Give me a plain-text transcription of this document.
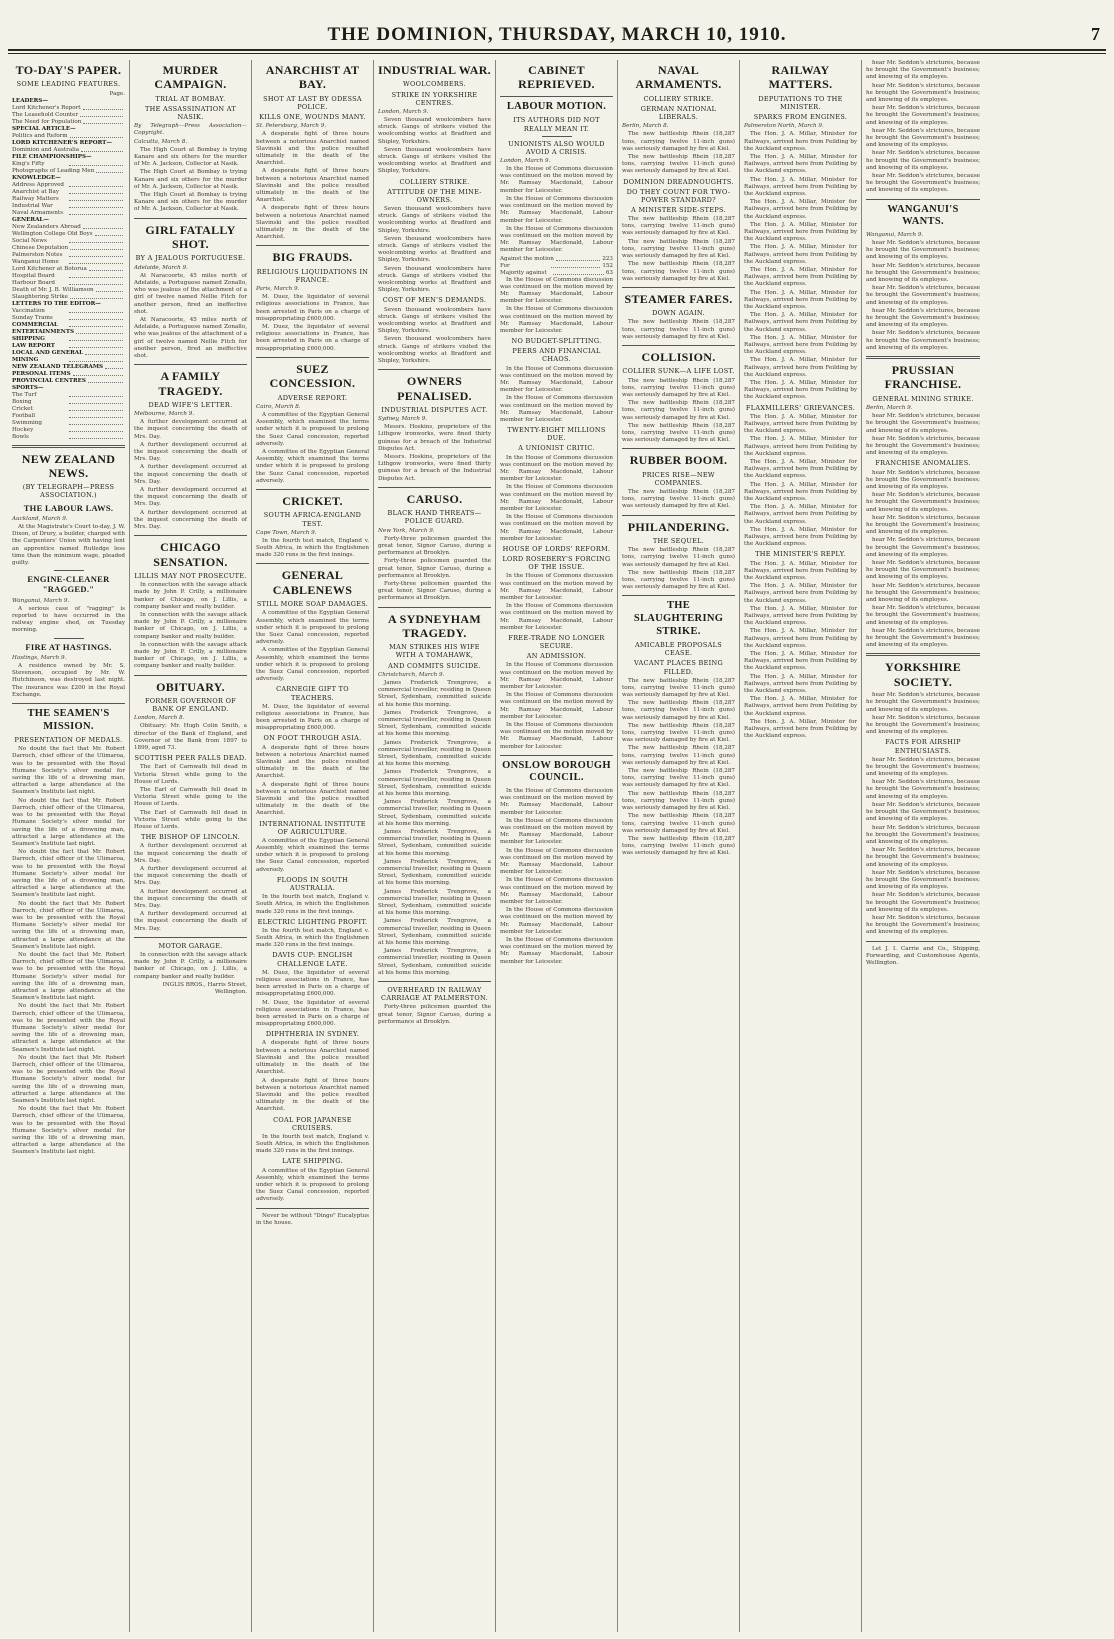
THE DOMINION, THURSDAY, MARCH 10, 1910.	7
TO-DAY'S PAPER.
SOME LEADING FEATURES.
Page.
LEADERS—
Lord Kitchener's Report
The Leasehold Counter
The Need for Population
SPECIAL ARTICLE—
Politics and Reform
LORD KITCHENER'S REPORT—
Dominion and Australia
FILE CHAMPIONSHIPS—
King's Fifty
Photographs of Leading Men
KNOWLEDGE—
Address Approved
Anarchist at Bay
Railway Matters
Industrial War
Naval Armaments
GENERAL—
New Zealanders Abroad
Wellington College Old Boys
Social News
Chinese Deputation
Palmerston Notes
Wanganui Home
Lord Kitchener at Botorua
Hospital Board
Harbour Board
Death of Mr. J. B. Williamson
Slaughtering Strike
LETTERS TO THE EDITOR—
Vaccination
Sunday Trams
COMMERCIAL
ENTERTAINMENTS
SHIPPING
LAW REPORT
LOCAL AND GENERAL
MINING
NEW ZEALAND TELEGRAMS
PERSONAL ITEMS
PROVINCIAL CENTRES
SPORTS—
The Turf
Boxing
Cricket
Football
Swimming
Hockey
Bowls
NEW ZEALAND NEWS.
(BY TELEGRAPH—PRESS ASSOCIATION.)
THE LABOUR LAWS.

Auckland, March 9.

At the Magistrate's Court to-day, J. W. Dixon, of Drury, a builder, charged with the Carpenters' Union with having lent an apprentice named Rutledge less time than the minimum wage, pleaded guilty.

ENGINE-CLEANER "RAGGED."

Wanganui, March 9.

A serious case of "ragging" is reported to have occurred in the railway engine shed, on Tuesday morning.

FIRE AT HASTINGS.

Hastings, March 9.

A residence owned by Mr. S. Stevenson, occupied by Mr. W. Hutchinson, was destroyed last night. The insurance was £200 in the Royal Exchange.

THE SEAMEN'S MISSION.
PRESENTATION OF MEDALS.

No doubt the fact that Mr. Robert Darroch, chief officer of the Ulimaroa, was to be presented with the Royal Humane Society's silver medal for saving the life of a drowning man, attracted a large attendance at the Seamen's Institute last night.

No doubt the fact that Mr. Robert Darroch, chief officer of the Ulimaroa, was to be presented with the Royal Humane Society's silver medal for saving the life of a drowning man, attracted a large attendance at the Seamen's Institute last night.

No doubt the fact that Mr. Robert Darroch, chief officer of the Ulimaroa, was to be presented with the Royal Humane Society's silver medal for saving the life of a drowning man, attracted a large attendance at the Seamen's Institute last night.

No doubt the fact that Mr. Robert Darroch, chief officer of the Ulimaroa, was to be presented with the Royal Humane Society's silver medal for saving the life of a drowning man, attracted a large attendance at the Seamen's Institute last night.

No doubt the fact that Mr. Robert Darroch, chief officer of the Ulimaroa, was to be presented with the Royal Humane Society's silver medal for saving the life of a drowning man, attracted a large attendance at the Seamen's Institute last night.

No doubt the fact that Mr. Robert Darroch, chief officer of the Ulimaroa, was to be presented with the Royal Humane Society's silver medal for saving the life of a drowning man, attracted a large attendance at the Seamen's Institute last night.

No doubt the fact that Mr. Robert Darroch, chief officer of the Ulimaroa, was to be presented with the Royal Humane Society's silver medal for saving the life of a drowning man, attracted a large attendance at the Seamen's Institute last night.

No doubt the fact that Mr. Robert Darroch, chief officer of the Ulimaroa, was to be presented with the Royal Humane Society's silver medal for saving the life of a drowning man, attracted a large attendance at the Seamen's Institute last night.

MURDER CAMPAIGN.
TRIAL AT BOMBAY.
THE ASSASSINATION AT NASIK.

By Telegraph—Press Association—Copyright.

Calcutta, March 8.

The High Court at Bombay is trying Kanare and six others for the murder of Mr. A. Jackson, Collector at Nasik.

The High Court at Bombay is trying Kanare and six others for the murder of Mr. A. Jackson, Collector at Nasik.

The High Court at Bombay is trying Kanare and six others for the murder of Mr. A. Jackson, Collector at Nasik.

GIRL FATALLY SHOT.
BY A JEALOUS PORTUGUESE.

Adelaide, March 9.

At Naracoorte, 45 miles north of Adelaide, a Portuguese named Zonallo, who was jealous of the attachment of a girl of twelve named Nellie Fitch for another person, fired an ineffective shot.

At Naracoorte, 45 miles north of Adelaide, a Portuguese named Zonallo, who was jealous of the attachment of a girl of twelve named Nellie Fitch for another person, fired an ineffective shot.

A FAMILY TRAGEDY.
DEAD WIFE'S LETTER.

Melbourne, March 9.

A further development occurred at the inquest concerning the death of Mrs. Day.

A further development occurred at the inquest concerning the death of Mrs. Day.

A further development occurred at the inquest concerning the death of Mrs. Day.

A further development occurred at the inquest concerning the death of Mrs. Day.

A further development occurred at the inquest concerning the death of Mrs. Day.

CHICAGO SENSATION.
LILLIS MAY NOT PROSECUTE.

In connection with the savage attack made by John P. Crilly, a millionaire banker of Chicago, on J. Lillis, a company banker and realty builder.

In connection with the savage attack made by John P. Crilly, a millionaire banker of Chicago, on J. Lillis, a company banker and realty builder.

In connection with the savage attack made by John P. Crilly, a millionaire banker of Chicago, on J. Lillis, a company banker and realty builder.

OBITUARY.
FORMER GOVERNOR OF BANK OF ENGLAND.

London, March 8.

Obituary: Mr. Hugh Colin Smith, a director of the Bank of England, and Governor of the Bank from 1897 to 1899, aged 73.

SCOTTISH PEER FALLS DEAD.

The Earl of Carnwath fell dead in Victoria Street while going to the House of Lords.

The Earl of Carnwath fell dead in Victoria Street while going to the House of Lords.

The Earl of Carnwath fell dead in Victoria Street while going to the House of Lords.

THE BISHOP OF LINCOLN.

A further development occurred at the inquest concerning the death of Mrs. Day.

A further development occurred at the inquest concerning the death of Mrs. Day.

A further development occurred at the inquest concerning the death of Mrs. Day.

A further development occurred at the inquest concerning the death of Mrs. Day.

MOTOR GARAGE.

In connection with the savage attack made by John P. Crilly, a millionaire banker of Chicago, on J. Lillis, a company banker and realty builder.

INGLIS BROS., Harris Street, Wellington.

ANARCHIST AT BAY.
SHOT AT LAST BY ODESSA POLICE.
KILLS ONE, WOUNDS MANY.

St. Petersburg, March 9.

A desperate fight of three hours between a notorious Anarchist named Slavinski and the police resulted ultimately in the death of the Anarchist.

A desperate fight of three hours between a notorious Anarchist named Slavinski and the police resulted ultimately in the death of the Anarchist.

A desperate fight of three hours between a notorious Anarchist named Slavinski and the police resulted ultimately in the death of the Anarchist.

BIG FRAUDS.
RELIGIOUS LIQUIDATIONS IN FRANCE.

Paris, March 9.

M. Duez, the liquidator of several religious associations in France, has been arrested in Paris on a charge of misappropriating £600,000.

M. Duez, the liquidator of several religious associations in France, has been arrested in Paris on a charge of misappropriating £600,000.

SUEZ CONCESSION.
ADVERSE REPORT.

Cairo, March 8.

A committee of the Egyptian General Assembly, which examined the terms under which it is proposed to prolong the Suez Canal concession, reported adversely.

A committee of the Egyptian General Assembly, which examined the terms under which it is proposed to prolong the Suez Canal concession, reported adversely.

CRICKET.
SOUTH AFRICA-ENGLAND TEST.

Cape Town, March 9.

In the fourth test match, England v. South Africa, in which the Englishmen made 320 runs in the first innings.

GENERAL CABLENEWS
STILL MORE SOAP DAMAGES.

A committee of the Egyptian General Assembly, which examined the terms under which it is proposed to prolong the Suez Canal concession, reported adversely.

A committee of the Egyptian General Assembly, which examined the terms under which it is proposed to prolong the Suez Canal concession, reported adversely.

CARNEGIE GIFT TO TEACHERS.

M. Duez, the liquidator of several religious associations in France, has been arrested in Paris on a charge of misappropriating £600,000.

ON FOOT THROUGH ASIA.

A desperate fight of three hours between a notorious Anarchist named Slavinski and the police resulted ultimately in the death of the Anarchist.

A desperate fight of three hours between a notorious Anarchist named Slavinski and the police resulted ultimately in the death of the Anarchist.

INTERNATIONAL INSTITUTE OF AGRICULTURE.

A committee of the Egyptian General Assembly, which examined the terms under which it is proposed to prolong the Suez Canal concession, reported adversely.

FLOODS IN SOUTH AUSTRALIA.

In the fourth test match, England v. South Africa, in which the Englishmen made 320 runs in the first innings.

ELECTRIC LIGHTING PROFIT.

In the fourth test match, England v. South Africa, in which the Englishmen made 320 runs in the first innings.

DAVIS CUP: ENGLISH CHALLENGE LATE.

M. Duez, the liquidator of several religious associations in France, has been arrested in Paris on a charge of misappropriating £600,000.

M. Duez, the liquidator of several religious associations in France, has been arrested in Paris on a charge of misappropriating £600,000.

DIPHTHERIA IN SYDNEY.

A desperate fight of three hours between a notorious Anarchist named Slavinski and the police resulted ultimately in the death of the Anarchist.

A desperate fight of three hours between a notorious Anarchist named Slavinski and the police resulted ultimately in the death of the Anarchist.

COAL FOR JAPANESE CRUISERS.

In the fourth test match, England v. South Africa, in which the Englishmen made 320 runs in the first innings.

LATE SHIPPING.

A committee of the Egyptian General Assembly, which examined the terms under which it is proposed to prolong the Suez Canal concession, reported adversely.

Never be without "Dingo" Eucalyptus in the house.

INDUSTRIAL WAR.
WOOLCOMBERS.
STRIKE IN YORKSHIRE CENTRES.

London, March 9.

Seven thousand woolcombers have struck. Gangs of strikers visited the woolcombing works at Bradford and Shipley, Yorkshire.

Seven thousand woolcombers have struck. Gangs of strikers visited the woolcombing works at Bradford and Shipley, Yorkshire.

COLLIERY STRIKE.
ATTITUDE OF THE MINE-OWNERS.

Seven thousand woolcombers have struck. Gangs of strikers visited the woolcombing works at Bradford and Shipley, Yorkshire.

Seven thousand woolcombers have struck. Gangs of strikers visited the woolcombing works at Bradford and Shipley, Yorkshire.

Seven thousand woolcombers have struck. Gangs of strikers visited the woolcombing works at Bradford and Shipley, Yorkshire.

COST OF MEN'S DEMANDS.

Seven thousand woolcombers have struck. Gangs of strikers visited the woolcombing works at Bradford and Shipley, Yorkshire.

Seven thousand woolcombers have struck. Gangs of strikers visited the woolcombing works at Bradford and Shipley, Yorkshire.

OWNERS PENALISED.
INDUSTRIAL DISPUTES ACT.

Sydney, March 9.

Messrs. Hoskins, proprietors of the Lithgow ironworks, were fined thirty guineas for a breach of the Industrial Disputes Act.

Messrs. Hoskins, proprietors of the Lithgow ironworks, were fined thirty guineas for a breach of the Industrial Disputes Act.

CARUSO.
BLACK HAND THREATS—POLICE GUARD.

New York, March 9.

Forty-three policemen guarded the great tenor, Signor Caruso, during a performance at Brooklyn.

Forty-three policemen guarded the great tenor, Signor Caruso, during a performance at Brooklyn.

Forty-three policemen guarded the great tenor, Signor Caruso, during a performance at Brooklyn.

A SYDNEYHAM TRAGEDY.
MAN STRIKES HIS WIFE WITH A TOMAHAWK,
AND COMMITS SUICIDE.

Christchurch, March 9.

James Frederick Trengrove, a commercial traveller, residing in Queen Street, Sydenham, committed suicide at his home this morning.

James Frederick Trengrove, a commercial traveller, residing in Queen Street, Sydenham, committed suicide at his home this morning.

James Frederick Trengrove, a commercial traveller, residing in Queen Street, Sydenham, committed suicide at his home this morning.

James Frederick Trengrove, a commercial traveller, residing in Queen Street, Sydenham, committed suicide at his home this morning.

James Frederick Trengrove, a commercial traveller, residing in Queen Street, Sydenham, committed suicide at his home this morning.

James Frederick Trengrove, a commercial traveller, residing in Queen Street, Sydenham, committed suicide at his home this morning.

James Frederick Trengrove, a commercial traveller, residing in Queen Street, Sydenham, committed suicide at his home this morning.

James Frederick Trengrove, a commercial traveller, residing in Queen Street, Sydenham, committed suicide at his home this morning.

James Frederick Trengrove, a commercial traveller, residing in Queen Street, Sydenham, committed suicide at his home this morning.

James Frederick Trengrove, a commercial traveller, residing in Queen Street, Sydenham, committed suicide at his home this morning.

OVERHEARD IN RAILWAY CARRIAGE AT PALMERSTON.

Forty-three policemen guarded the great tenor, Signor Caruso, during a performance at Brooklyn.

CABINET REPRIEVED.
LABOUR MOTION.
ITS AUTHORS DID NOT REALLY MEAN IT.
UNIONISTS ALSO WOULD AVOID A CRISIS.

London, March 9.

In the House of Commons discussion was continued on the motion moved by Mr. Ramsay Macdonald, Labour member for Leicester.

In the House of Commons discussion was continued on the motion moved by Mr. Ramsay Macdonald, Labour member for Leicester.

In the House of Commons discussion was continued on the motion moved by Mr. Ramsay Macdonald, Labour member for Leicester.

Against the motion	223
For	152
Majority against	63

In the House of Commons discussion was continued on the motion moved by Mr. Ramsay Macdonald, Labour member for Leicester.

In the House of Commons discussion was continued on the motion moved by Mr. Ramsay Macdonald, Labour member for Leicester.

NO BUDGET-SPLITTING.
PEERS AND FINANCIAL CHAOS.

In the House of Commons discussion was continued on the motion moved by Mr. Ramsay Macdonald, Labour member for Leicester.

In the House of Commons discussion was continued on the motion moved by Mr. Ramsay Macdonald, Labour member for Leicester.

TWENTY-EIGHT MILLIONS DUE.
A UNIONIST CRITIC.

In the House of Commons discussion was continued on the motion moved by Mr. Ramsay Macdonald, Labour member for Leicester.

In the House of Commons discussion was continued on the motion moved by Mr. Ramsay Macdonald, Labour member for Leicester.

In the House of Commons discussion was continued on the motion moved by Mr. Ramsay Macdonald, Labour member for Leicester.

HOUSE OF LORDS' REFORM.
LORD ROSEBERY'S FORCING OF THE ISSUE.

In the House of Commons discussion was continued on the motion moved by Mr. Ramsay Macdonald, Labour member for Leicester.

In the House of Commons discussion was continued on the motion moved by Mr. Ramsay Macdonald, Labour member for Leicester.

FREE-TRADE NO LONGER SECURE.
AN ADMISSION.

In the House of Commons discussion was continued on the motion moved by Mr. Ramsay Macdonald, Labour member for Leicester.

In the House of Commons discussion was continued on the motion moved by Mr. Ramsay Macdonald, Labour member for Leicester.

In the House of Commons discussion was continued on the motion moved by Mr. Ramsay Macdonald, Labour member for Leicester.

ONSLOW BOROUGH COUNCIL.

In the House of Commons discussion was continued on the motion moved by Mr. Ramsay Macdonald, Labour member for Leicester.

In the House of Commons discussion was continued on the motion moved by Mr. Ramsay Macdonald, Labour member for Leicester.

In the House of Commons discussion was continued on the motion moved by Mr. Ramsay Macdonald, Labour member for Leicester.

In the House of Commons discussion was continued on the motion moved by Mr. Ramsay Macdonald, Labour member for Leicester.

In the House of Commons discussion was continued on the motion moved by Mr. Ramsay Macdonald, Labour member for Leicester.

In the House of Commons discussion was continued on the motion moved by Mr. Ramsay Macdonald, Labour member for Leicester.

NAVAL ARMAMENTS.
COLLIERY STRIKE.
GERMAN NATIONAL LIBERALS.

Berlin, March 8.

The new battleship Rhein (18,287 tons, carrying twelve 11-inch guns) was seriously damaged by fire at Kiel.

The new battleship Rhein (18,287 tons, carrying twelve 11-inch guns) was seriously damaged by fire at Kiel.

DOMINION DREADNOUGHTS.
DO THEY COUNT FOR TWO-POWER STANDARD?
A MINISTER SIDE-STEPS.

The new battleship Rhein (18,287 tons, carrying twelve 11-inch guns) was seriously damaged by fire at Kiel.

The new battleship Rhein (18,287 tons, carrying twelve 11-inch guns) was seriously damaged by fire at Kiel.

The new battleship Rhein (18,287 tons, carrying twelve 11-inch guns) was seriously damaged by fire at Kiel.

STEAMER FARES.
DOWN AGAIN.

The new battleship Rhein (18,287 tons, carrying twelve 11-inch guns) was seriously damaged by fire at Kiel.

COLLISION.
COLLIER SUNK—A LIFE LOST.

The new battleship Rhein (18,287 tons, carrying twelve 11-inch guns) was seriously damaged by fire at Kiel.

The new battleship Rhein (18,287 tons, carrying twelve 11-inch guns) was seriously damaged by fire at Kiel.

The new battleship Rhein (18,287 tons, carrying twelve 11-inch guns) was seriously damaged by fire at Kiel.

RUBBER BOOM.
PRICES RISE—NEW COMPANIES.

The new battleship Rhein (18,287 tons, carrying twelve 11-inch guns) was seriously damaged by fire at Kiel.

PHILANDERING.
THE SEQUEL.

The new battleship Rhein (18,287 tons, carrying twelve 11-inch guns) was seriously damaged by fire at Kiel.

The new battleship Rhein (18,287 tons, carrying twelve 11-inch guns) was seriously damaged by fire at Kiel.

THE SLAUGHTERING STRIKE.
AMICABLE PROPOSALS CEASE.
VACANT PLACES BEING FILLED.

The new battleship Rhein (18,287 tons, carrying twelve 11-inch guns) was seriously damaged by fire at Kiel.

The new battleship Rhein (18,287 tons, carrying twelve 11-inch guns) was seriously damaged by fire at Kiel.

The new battleship Rhein (18,287 tons, carrying twelve 11-inch guns) was seriously damaged by fire at Kiel.

The new battleship Rhein (18,287 tons, carrying twelve 11-inch guns) was seriously damaged by fire at Kiel.

The new battleship Rhein (18,287 tons, carrying twelve 11-inch guns) was seriously damaged by fire at Kiel.

The new battleship Rhein (18,287 tons, carrying twelve 11-inch guns) was seriously damaged by fire at Kiel.

The new battleship Rhein (18,287 tons, carrying twelve 11-inch guns) was seriously damaged by fire at Kiel.

The new battleship Rhein (18,287 tons, carrying twelve 11-inch guns) was seriously damaged by fire at Kiel.

RAILWAY MATTERS.
DEPUTATIONS TO THE MINISTER.
SPARKS FROM ENGINES.

Palmerston North, March 9.

The Hon. J. A. Millar, Minister for Railways, arrived here from Feilding by the Auckland express.

The Hon. J. A. Millar, Minister for Railways, arrived here from Feilding by the Auckland express.

The Hon. J. A. Millar, Minister for Railways, arrived here from Feilding by the Auckland express.

The Hon. J. A. Millar, Minister for Railways, arrived here from Feilding by the Auckland express.

The Hon. J. A. Millar, Minister for Railways, arrived here from Feilding by the Auckland express.

The Hon. J. A. Millar, Minister for Railways, arrived here from Feilding by the Auckland express.

The Hon. J. A. Millar, Minister for Railways, arrived here from Feilding by the Auckland express.

The Hon. J. A. Millar, Minister for Railways, arrived here from Feilding by the Auckland express.

The Hon. J. A. Millar, Minister for Railways, arrived here from Feilding by the Auckland express.

The Hon. J. A. Millar, Minister for Railways, arrived here from Feilding by the Auckland express.

The Hon. J. A. Millar, Minister for Railways, arrived here from Feilding by the Auckland express.

The Hon. J. A. Millar, Minister for Railways, arrived here from Feilding by the Auckland express.

FLAXMILLERS' GRIEVANCES.

The Hon. J. A. Millar, Minister for Railways, arrived here from Feilding by the Auckland express.

The Hon. J. A. Millar, Minister for Railways, arrived here from Feilding by the Auckland express.

The Hon. J. A. Millar, Minister for Railways, arrived here from Feilding by the Auckland express.

The Hon. J. A. Millar, Minister for Railways, arrived here from Feilding by the Auckland express.

The Hon. J. A. Millar, Minister for Railways, arrived here from Feilding by the Auckland express.

The Hon. J. A. Millar, Minister for Railways, arrived here from Feilding by the Auckland express.

THE MINISTER'S REPLY.

The Hon. J. A. Millar, Minister for Railways, arrived here from Feilding by the Auckland express.

The Hon. J. A. Millar, Minister for Railways, arrived here from Feilding by the Auckland express.

The Hon. J. A. Millar, Minister for Railways, arrived here from Feilding by the Auckland express.

The Hon. J. A. Millar, Minister for Railways, arrived here from Feilding by the Auckland express.

The Hon. J. A. Millar, Minister for Railways, arrived here from Feilding by the Auckland express.

The Hon. J. A. Millar, Minister for Railways, arrived here from Feilding by the Auckland express.

The Hon. J. A. Millar, Minister for Railways, arrived here from Feilding by the Auckland express.

The Hon. J. A. Millar, Minister for Railways, arrived here from Feilding by the Auckland express.

hear Mr. Seddon's strictures, because he brought the Government's business; and knowing of its employes.

hear Mr. Seddon's strictures, because he brought the Government's business; and knowing of its employes.

hear Mr. Seddon's strictures, because he brought the Government's business; and knowing of its employes.

hear Mr. Seddon's strictures, because he brought the Government's business; and knowing of its employes.

hear Mr. Seddon's strictures, because he brought the Government's business; and knowing of its employes.

hear Mr. Seddon's strictures, because he brought the Government's business; and knowing of its employes.

WANGANUI'S WANTS.

Wanganui, March 9.

hear Mr. Seddon's strictures, because he brought the Government's business; and knowing of its employes.

hear Mr. Seddon's strictures, because he brought the Government's business; and knowing of its employes.

hear Mr. Seddon's strictures, because he brought the Government's business; and knowing of its employes.

hear Mr. Seddon's strictures, because he brought the Government's business; and knowing of its employes.

hear Mr. Seddon's strictures, because he brought the Government's business; and knowing of its employes.

PRUSSIAN FRANCHISE.
GENERAL MINING STRIKE.

Berlin, March 9.

hear Mr. Seddon's strictures, because he brought the Government's business; and knowing of its employes.

hear Mr. Seddon's strictures, because he brought the Government's business; and knowing of its employes.

FRANCHISE ANOMALIES.

hear Mr. Seddon's strictures, because he brought the Government's business; and knowing of its employes.

hear Mr. Seddon's strictures, because he brought the Government's business; and knowing of its employes.

hear Mr. Seddon's strictures, because he brought the Government's business; and knowing of its employes.

hear Mr. Seddon's strictures, because he brought the Government's business; and knowing of its employes.

hear Mr. Seddon's strictures, because he brought the Government's business; and knowing of its employes.

hear Mr. Seddon's strictures, because he brought the Government's business; and knowing of its employes.

hear Mr. Seddon's strictures, because he brought the Government's business; and knowing of its employes.

hear Mr. Seddon's strictures, because he brought the Government's business; and knowing of its employes.

YORKSHIRE SOCIETY.

hear Mr. Seddon's strictures, because he brought the Government's business; and knowing of its employes.

hear Mr. Seddon's strictures, because he brought the Government's business; and knowing of its employes.

FACTS FOR AIRSHIP ENTHUSIASTS.

hear Mr. Seddon's strictures, because he brought the Government's business; and knowing of its employes.

hear Mr. Seddon's strictures, because he brought the Government's business; and knowing of its employes.

hear Mr. Seddon's strictures, because he brought the Government's business; and knowing of its employes.

hear Mr. Seddon's strictures, because he brought the Government's business; and knowing of its employes.

hear Mr. Seddon's strictures, because he brought the Government's business; and knowing of its employes.

hear Mr. Seddon's strictures, because he brought the Government's business; and knowing of its employes.

hear Mr. Seddon's strictures, because he brought the Government's business; and knowing of its employes.

hear Mr. Seddon's strictures, because he brought the Government's business; and knowing of its employes.

Let J. I. Carrie and Co., Shipping, Forwarding, and Customhouse Agents, Wellington.
